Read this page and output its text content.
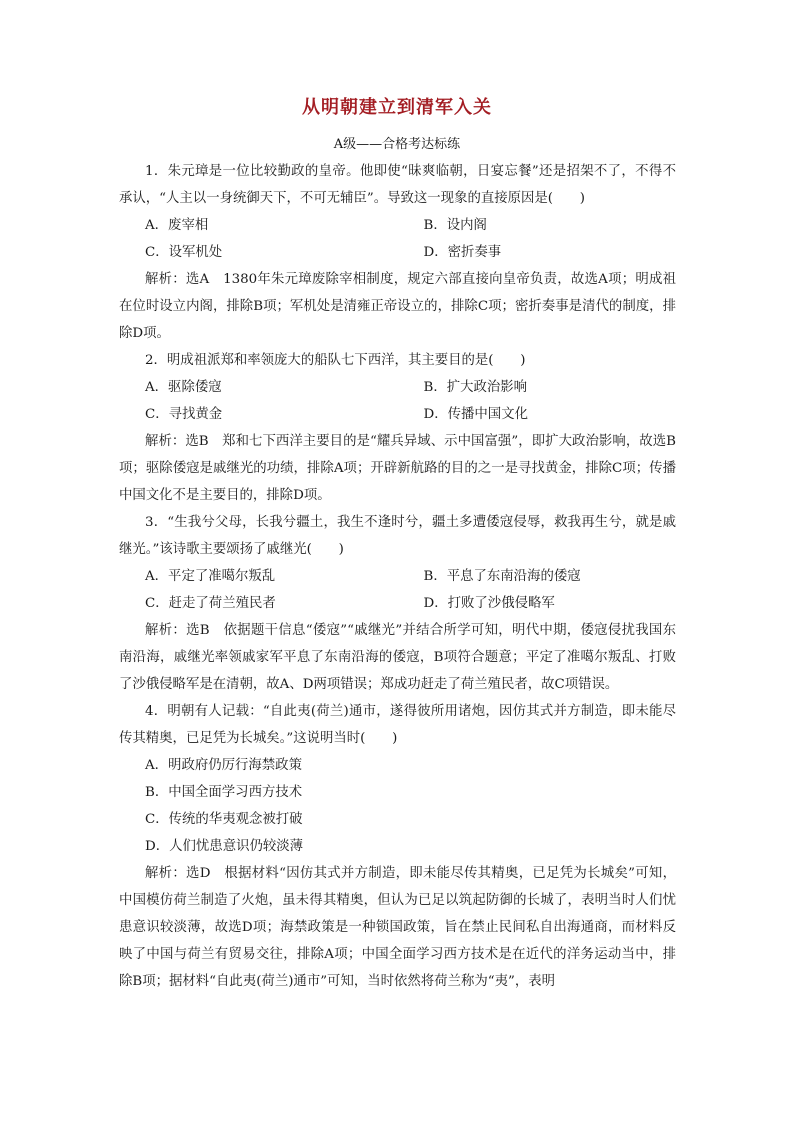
从明朝建立到清军入关
A级——合格考达标练

1．朱元璋是一位比较勤政的皇帝。他即使“昧爽临朝，日宴忘餐”还是招架不了，不得不承认，“人主以一身统御天下，不可无辅臣”。导致这一现象的直接原因是(　　)

A．废宰相	B．设内阁
C．设军机处	D．密折奏事

解析：选A　1380年朱元璋废除宰相制度，规定六部直接向皇帝负责，故选A项；明成祖在位时设立内阁，排除B项；军机处是清雍正帝设立的，排除C项；密折奏事是清代的制度，排除D项。

2．明成祖派郑和率领庞大的船队七下西洋，其主要目的是(　　)

A．驱除倭寇	B．扩大政治影响
C．寻找黄金	D．传播中国文化

解析：选B　郑和七下西洋主要目的是“耀兵异域、示中国富强”，即扩大政治影响，故选B项；驱除倭寇是戚继光的功绩，排除A项；开辟新航路的目的之一是寻找黄金，排除C项；传播中国文化不是主要目的，排除D项。

3．“生我兮父母，长我兮疆土，我生不逢时兮，疆土多遭倭寇侵辱，救我再生兮，就是戚继光。”该诗歌主要颂扬了戚继光(　　)

A．平定了准噶尔叛乱	B．平息了东南沿海的倭寇
C．赶走了荷兰殖民者	D．打败了沙俄侵略军

解析：选B　依据题干信息“倭寇”“戚继光”并结合所学可知，明代中期，倭寇侵扰我国东南沿海，戚继光率领戚家军平息了东南沿海的倭寇，B项符合题意；平定了准噶尔叛乱、打败了沙俄侵略军是在清朝，故A、D两项错误；郑成功赶走了荷兰殖民者，故C项错误。

4．明朝有人记载：“自此夷(荷兰)通市，遂得彼所用诸炮，因仿其式并方制造，即未能尽传其精奥，已足凭为长城矣。”这说明当时(　　)

A．明政府仍厉行海禁政策
B．中国全面学习西方技术
C．传统的华夷观念被打破
D．人们忧患意识仍较淡薄

解析：选D　根据材料“因仿其式并方制造，即未能尽传其精奥，已足凭为长城矣”可知，中国模仿荷兰制造了火炮，虽未得其精奥，但认为已足以筑起防御的长城了，表明当时人们忧患意识较淡薄，故选D项；海禁政策是一种锁国政策，旨在禁止民间私自出海通商，而材料反映了中国与荷兰有贸易交往，排除A项；中国全面学习西方技术是在近代的洋务运动当中，排除B项；据材料“自此夷(荷兰)通市”可知，当时依然将荷兰称为“夷”，表明
